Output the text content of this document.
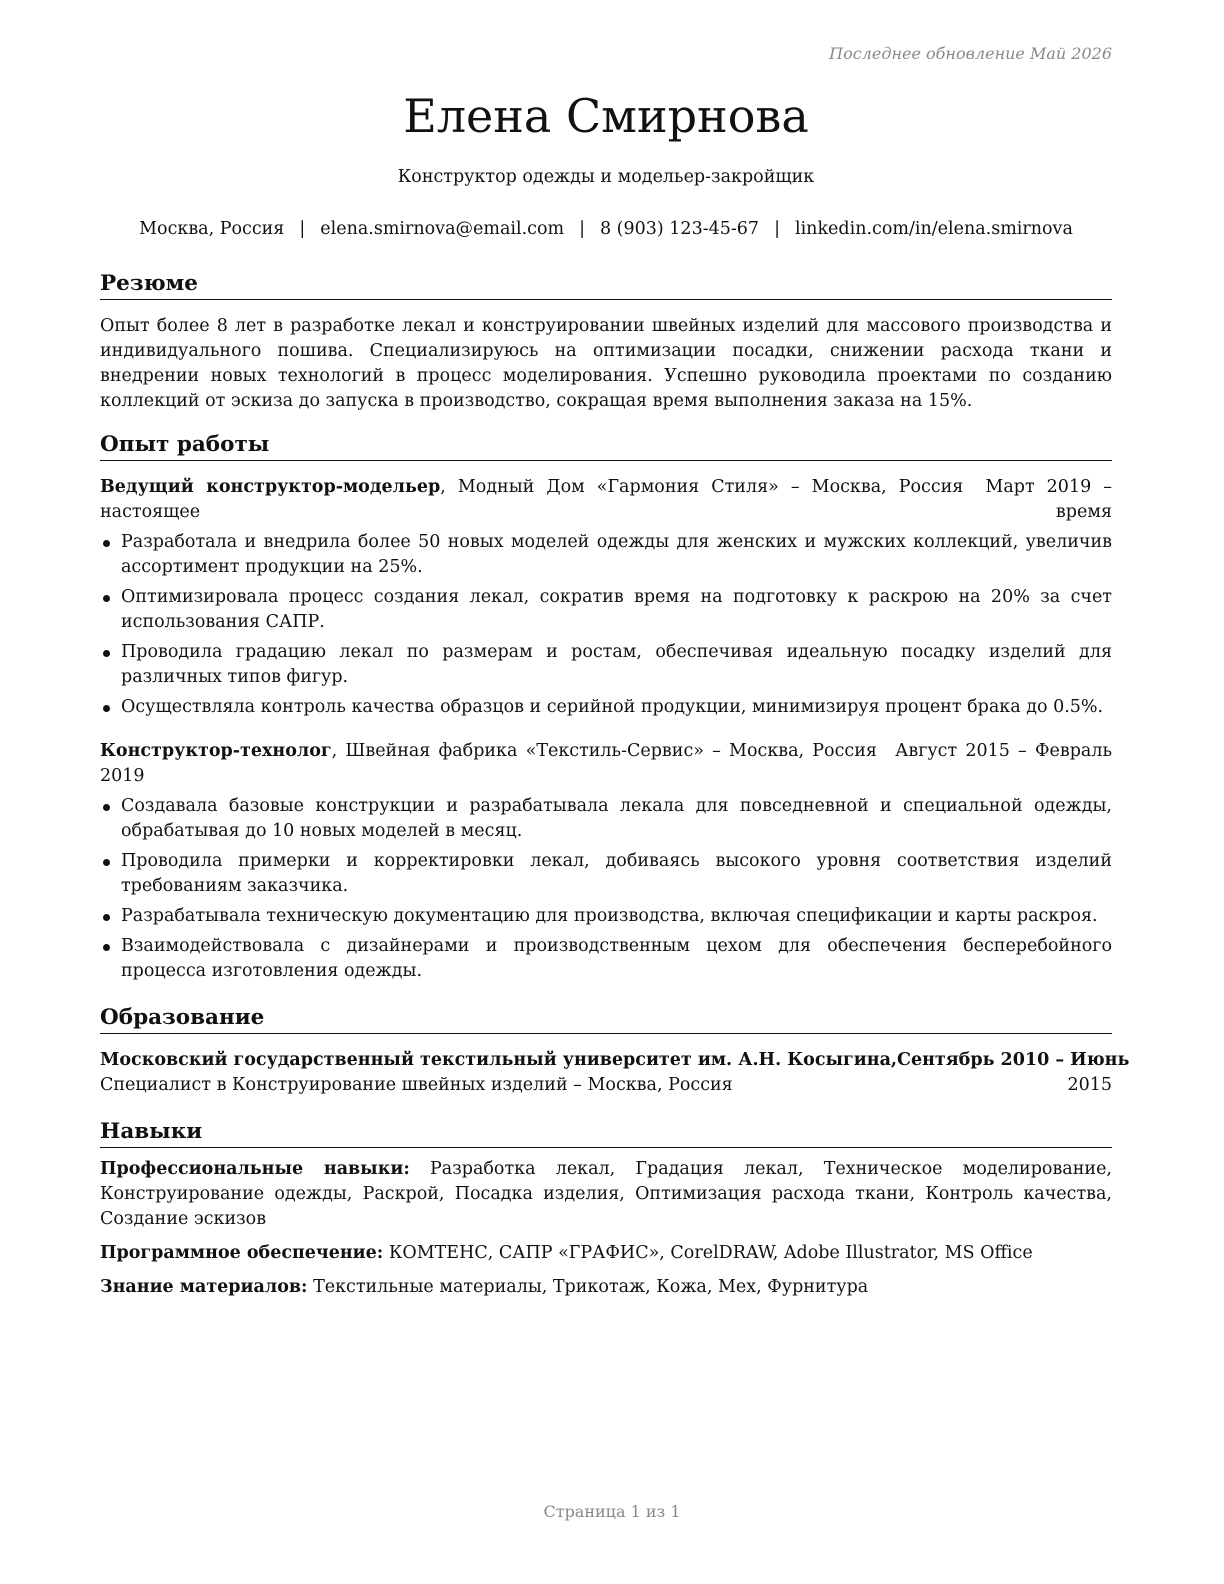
Последнее обновление Май 2026
Елена Смирнова
Конструктор одежды и модельер-закройщик
Москва, Россия | elena.smirnova@email.com | 8 (903) 123-45-67 | linkedin.com/in/elena.smirnova
Резюме
Опыт более 8 лет в разработке лекал и конструировании швейных изделий для массового производства и индивидуального пошива. Специализируюсь на оптимизации посадки, снижении расхода ткани и внедрении новых технологий в процесс моделирования. Успешно руководила проектами по созданию коллекций от эскиза до запуска в производство, сокращая время выполнения заказа на 15%.
Опыт работы
Ведущий конструктор-модельер, Модный Дом «Гармония Стиля» – Москва, Россия Март 2019 – настоящее время
Разработала и внедрила более 50 новых моделей одежды для женских и мужских коллекций, увеличив ассортимент продукции на 25%.
Оптимизировала процесс создания лекал, сократив время на подготовку к раскрою на 20% за счет использования САПР.
Проводила градацию лекал по размерам и ростам, обеспечивая идеальную посадку изделий для различных типов фигур.
Осуществляла контроль качества образцов и серийной продукции, минимизируя процент брака до 0.5%.
Конструктор-технолог, Швейная фабрика «Текстиль-Сервис» – Москва, Россия Август 2015 – Февраль 2019
Создавала базовые конструкции и разрабатывала лекала для повседневной и специальной одежды, обрабатывая до 10 новых моделей в месяц.
Проводила примерки и корректировки лекал, добиваясь высокого уровня соответствия изделий требованиям заказчика.
Разрабатывала техническую документацию для производства, включая спецификации и карты раскроя.
Взаимодействовала с дизайнерами и производственным цехом для обеспечения бесперебойного процесса изготовления одежды.
Образование
Московский государственный текстильный университет им. А.Н. Косыгина,Сентябрь 2010 – Июнь
Специалист в Конструирование швейных изделий – Москва, Россия	2015
Навыки
Профессиональные навыки: Разработка лекал, Градация лекал, Техническое моделирование, Конструирование одежды, Раскрой, Посадка изделия, Оптимизация расхода ткани, Контроль качества, Создание эскизов
Программное обеспечение: КОМТЕНС, САПР «ГРАФИС», CorelDRAW, Adobe Illustrator, MS Office
Знание материалов: Текстильные материалы, Трикотаж, Кожа, Мех, Фурнитура
Страница 1 из 1
